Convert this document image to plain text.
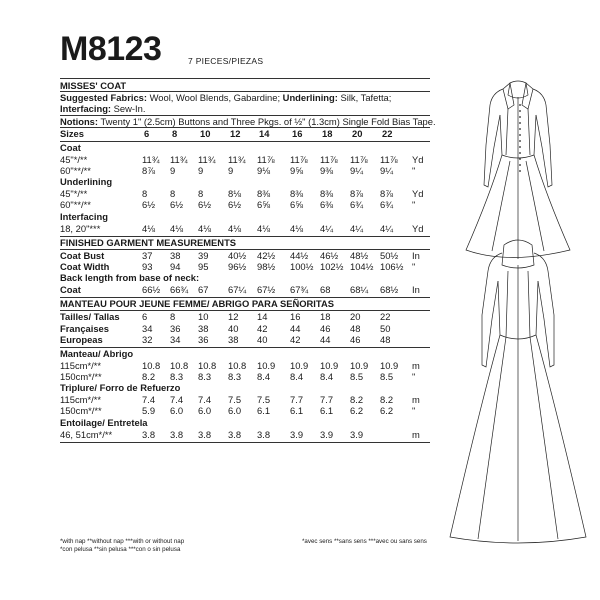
M8123	7 PIECES/PIEZAS
MISSES' COAT
Suggested Fabrics: Wool, Wool Blends, Gabardine; Underlining: Silk, Tafetta;
Interfacing: Sew-In.
Notions: Twenty 1" (2.5cm) Buttons and Three Pkgs. of ½" (1.3cm) Single Fold Bias Tape.
Sizes	6 8 10 12 14 16 18 20 22
Coat
45"*/**	11¾ 11¾ 11¾ 11¾ 11⅞ 11⅞ 11⅞ 11⅞ 11⅞ Yd
60"**/**	8⅞ 9 9	9	9⅛ 9⅝ 9⅜ 9¼ 9¼ "
Underlining
45"*/**	8 8 8	8⅛ 8⅜ 8⅜ 8⅜ 8⅞ 8⅞ Yd
60"**/**	6½ 6½ 6½ 6½ 6⅝ 6⅝ 6⅜ 6¾ 6¾ "
Interfacing
18, 20"***	4⅛ 4⅛ 4⅛ 4⅛ 4⅛ 4⅛ 4¼ 4¼ 4¼ Yd
FINISHED GARMENT MEASUREMENTS
Coat Bust	37 38 39 40½ 42½ 44½ 46½ 48½ 50½ In
Coat Width	93 94 95 96½ 98½ 100½ 102½ 104½ 106½ "
Back length from base of neck:
Coat	66½ 66¾ 67 67¼ 67½ 67¾ 68 68¼ 68½ In
MANTEAU POUR JEUNE FEMME/ ABRIGO PARA SEÑORITAS
Tailles/ Tallas 6 8 10 12 14 16 18 20 22
Françaises	34 36 38 40 42 44 46 48 50
Europeas	32 34 36 38 40 42 44 46 48
Manteau/ Abrigo
115cm*/**	10.8 10.8 10.8 10.8 10.9 10.9 10.9 10.9 10.9 m
150cm*/**	8.2 8.3 8.3 8.3 8.4 8.4 8.4 8.5 8.5 "
Triplure/ Forro de Refuerzo
115cm*/**	7.4 7.4 7.4 7.5 7.5 7.7 7.7 8.2 8.2 m
150cm*/**	5.9 6.0 6.0 6.0 6.1 6.1 6.1 6.2 6.2 "
Entoilage/ Entretela
46, 51cm*/**	3.8 3.8 3.8 3.8 3.8 3.9 3.9 3.9	m
*with nap **without nap ***with or without nap
*con pelusa **sin pelusa ***con o sin pelusa
*avec sens **sans sens ***avec ou sans sens
